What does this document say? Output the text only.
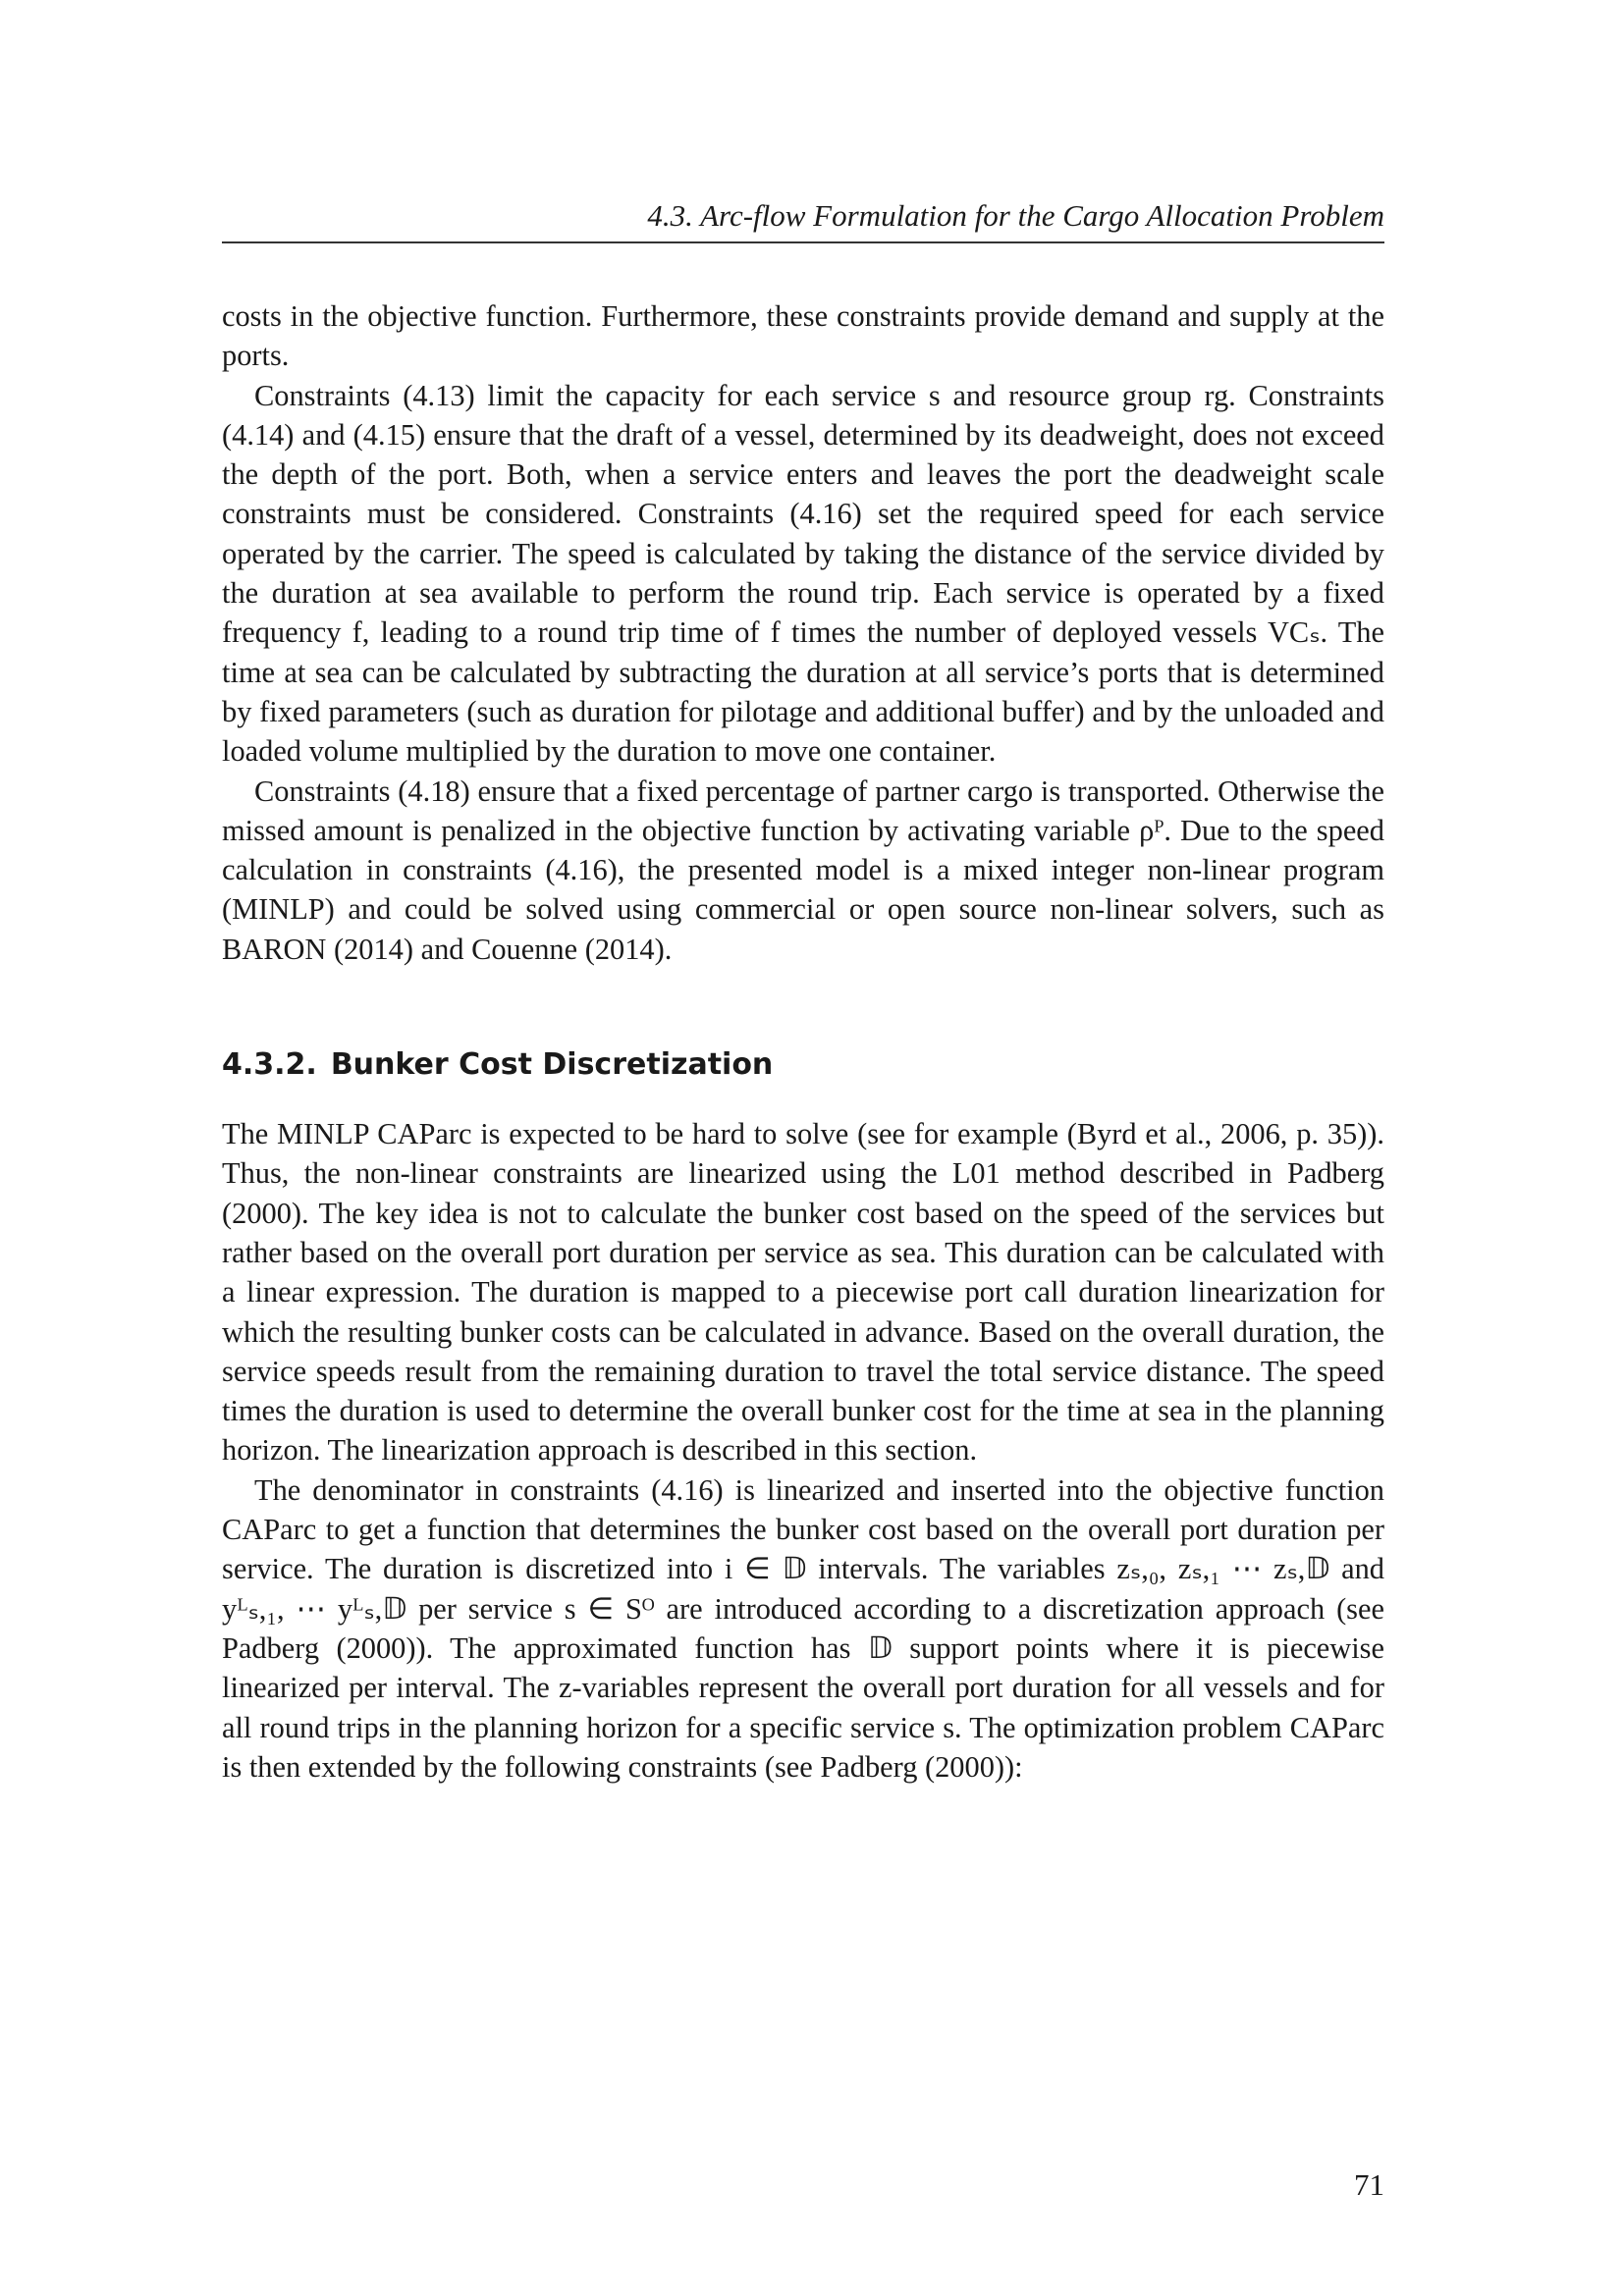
4.3. Arc-flow Formulation for the Cargo Allocation Problem

costs in the objective function. Furthermore, these constraints provide demand and supply at the ports.

Constraints (4.13) limit the capacity for each service s and resource group rg. Constraints (4.14) and (4.15) ensure that the draft of a vessel, determined by its deadweight, does not exceed the depth of the port. Both, when a service enters and leaves the port the deadweight scale constraints must be considered. Constraints (4.16) set the required speed for each service operated by the carrier. The speed is calculated by taking the distance of the service divided by the duration at sea available to perform the round trip. Each service is operated by a fixed frequency f, leading to a round trip time of f times the number of deployed vessels VCₛ. The time at sea can be calculated by subtracting the duration at all service’s ports that is determined by fixed parameters (such as duration for pilotage and additional buffer) and by the unloaded and loaded volume multiplied by the duration to move one container.

Constraints (4.18) ensure that a fixed percentage of partner cargo is transported. Otherwise the missed amount is penalized in the objective function by activating variable ρᴾ. Due to the speed calculation in constraints (4.16), the presented model is a mixed integer non-linear program (MINLP) and could be solved using commercial or open source non-linear solvers, such as BARON (2014) and Couenne (2014).

4.3.2. Bunker Cost Discretization

The MINLP CAParc is expected to be hard to solve (see for example (Byrd et al., 2006, p. 35)). Thus, the non-linear constraints are linearized using the L01 method described in Padberg (2000). The key idea is not to calculate the bunker cost based on the speed of the services but rather based on the overall port duration per service as sea. This duration can be calculated with a linear expression. The duration is mapped to a piecewise port call duration linearization for which the resulting bunker costs can be calculated in advance. Based on the overall duration, the service speeds result from the remaining duration to travel the total service distance. The speed times the duration is used to determine the overall bunker cost for the time at sea in the planning horizon. The linearization approach is described in this section.

The denominator in constraints (4.16) is linearized and inserted into the objective function CAParc to get a function that determines the bunker cost based on the overall port duration per service. The duration is discretized into i ∈ 𝔻 intervals. The variables zₛ,₀, zₛ,₁ ⋯ zₛ,𝔻 and yᴸₛ,₁, ⋯ yᴸₛ,𝔻 per service s ∈ Sᴼ are introduced according to a discretization approach (see Padberg (2000)). The approximated function has 𝔻 support points where it is piecewise linearized per interval. The z-variables represent the overall port duration for all vessels and for all round trips in the planning horizon for a specific service s. The optimization problem CAParc is then extended by the following constraints (see Padberg (2000)):

71
